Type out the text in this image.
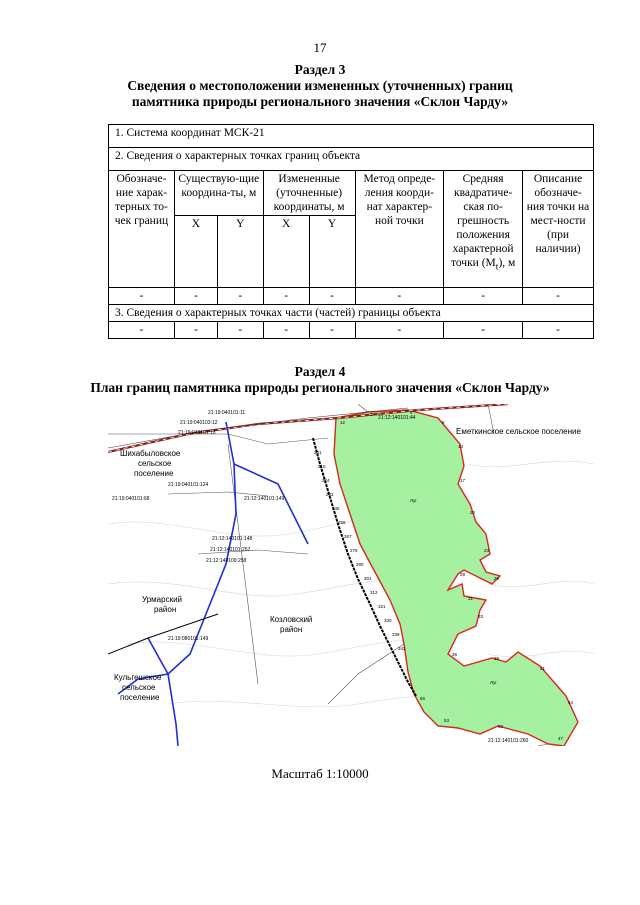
17
Раздел 3
Сведения о местоположении измененных (уточненных) границ
памятника природы регионального значения «Склон Чарду»
1. Система координат МСК-21							
2. Сведения о характерных точках границ объекта							
Обозначе-ние харак-терных то-чек границ	Существую-щие координа-ты, м		Измененные (уточненные) координаты, м		Метод опреде-ления коорди-нат характер-ной точки	Средняя квадратиче-ская по-грешность положения характерной точки $(M_t)$, м	Описание обозначе-ния точки на мест-ности (при наличии)
	X	Y	X	Y			
-	-	-	-	-	-	-	-
3. Сведения о характерных точках части (частей) границы объекта							
-	-	-	-	-	-	-	-
Раздел 4
План границ памятника природы регионального значения «Склон Чарду»
201
210
224
233
246
258
267
279
290
301
312
321
330
339
342
12
3	5
8
14
17
20
23
26
29
31
33
36
39
41
44
47
50
53
56
Луг
Луг
Еметкинское сельское поселение
Шихабыловское
сельское
поселение
Урмарский
район
Козловский
район
Кульгешское
сельское
поселение
21:19:040101:11
21:19:040103:12
21:19:040101:13
21:19:040101:124
21:19:040101:68	21:12:140101:149
21:12:140101:148
21:12:140101:257
21:12:140109:258
21:19:080101:149
21:12:140101:44
21:12:140101:260
Масштаб 1:10000
